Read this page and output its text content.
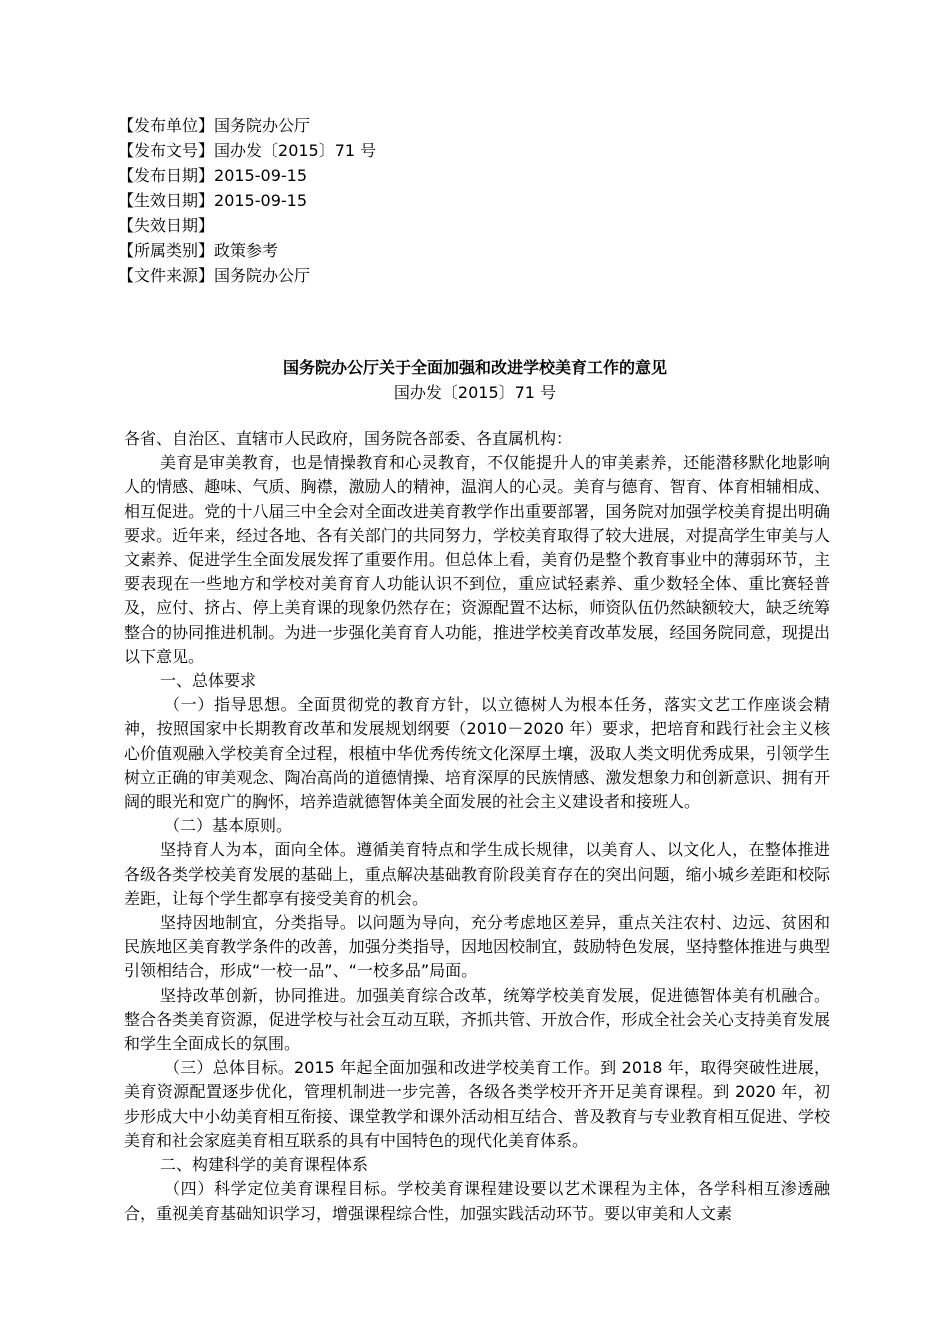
【发布单位】国务院办公厅
【发布文号】国办发〔2015〕71 号
【发布日期】2015-09-15
【生效日期】2015-09-15
【失效日期】
【所属类别】政策参考
【文件来源】国务院办公厅
国务院办公厅关于全面加强和改进学校美育工作的意见
国办发〔2015〕71 号

各省、自治区、直辖市人民政府，国务院各部委、各直属机构：

美育是审美教育，也是情操教育和心灵教育，不仅能提升人的审美素养，还能潜移默化地影响人的情感、趣味、气质、胸襟，激励人的精神，温润人的心灵。美育与德育、智育、体育相辅相成、相互促进。党的十八届三中全会对全面改进美育教学作出重要部署，国务院对加强学校美育提出明确要求。近年来，经过各地、各有关部门的共同努力，学校美育取得了较大进展，对提高学生审美与人文素养、促进学生全面发展发挥了重要作用。但总体上看，美育仍是整个教育事业中的薄弱环节，主要表现在一些地方和学校对美育育人功能认识不到位，重应试轻素养、重少数轻全体、重比赛轻普及，应付、挤占、停上美育课的现象仍然存在；资源配置不达标，师资队伍仍然缺额较大，缺乏统筹整合的协同推进机制。为进一步强化美育育人功能，推进学校美育改革发展，经国务院同意，现提出以下意见。

一、总体要求

（一）指导思想。全面贯彻党的教育方针，以立德树人为根本任务，落实文艺工作座谈会精神，按照国家中长期教育改革和发展规划纲要（2010－2020 年）要求，把培育和践行社会主义核心价值观融入学校美育全过程，根植中华优秀传统文化深厚土壤，汲取人类文明优秀成果，引领学生树立正确的审美观念、陶冶高尚的道德情操、培育深厚的民族情感、激发想象力和创新意识、拥有开阔的眼光和宽广的胸怀，培养造就德智体美全面发展的社会主义建设者和接班人。

（二）基本原则。

坚持育人为本，面向全体。遵循美育特点和学生成长规律，以美育人、以文化人，在整体推进各级各类学校美育发展的基础上，重点解决基础教育阶段美育存在的突出问题，缩小城乡差距和校际差距，让每个学生都享有接受美育的机会。

坚持因地制宜，分类指导。以问题为导向，充分考虑地区差异，重点关注农村、边远、贫困和民族地区美育教学条件的改善，加强分类指导，因地因校制宜，鼓励特色发展，坚持整体推进与典型引领相结合，形成“一校一品”、“一校多品”局面。

坚持改革创新，协同推进。加强美育综合改革，统筹学校美育发展，促进德智体美有机融合。整合各类美育资源，促进学校与社会互动互联，齐抓共管、开放合作，形成全社会关心支持美育发展和学生全面成长的氛围。

（三）总体目标。2015 年起全面加强和改进学校美育工作。到 2018 年，取得突破性进展，美育资源配置逐步优化，管理机制进一步完善，各级各类学校开齐开足美育课程。到 2020 年，初步形成大中小幼美育相互衔接、课堂教学和课外活动相互结合、普及教育与专业教育相互促进、学校美育和社会家庭美育相互联系的具有中国特色的现代化美育体系。

二、构建科学的美育课程体系

（四）科学定位美育课程目标。学校美育课程建设要以艺术课程为主体，各学科相互渗透融合，重视美育基础知识学习，增强课程综合性，加强实践活动环节。要以审美和人文素
